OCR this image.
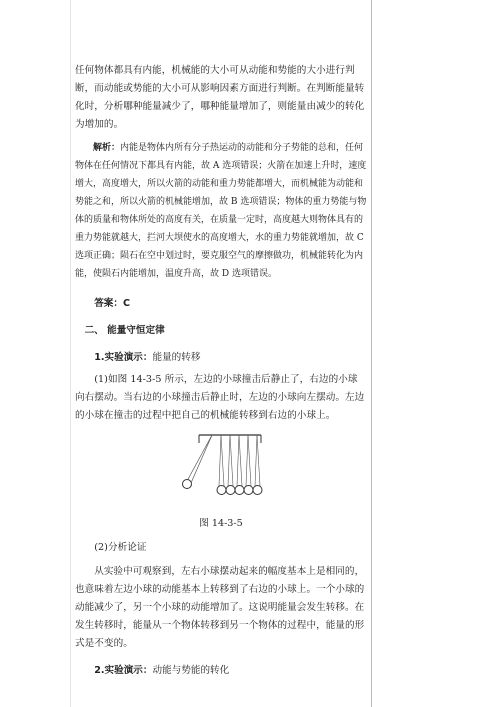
任何物体都具有内能，机械能的大小可从动能和势能的大小进行判断，而动能或势能的大小可从影响因素方面进行判断。在判断能量转化时，分析哪种能量减少了，哪种能量增加了，则能量由减少的转化为增加的。

解析：内能是物体内所有分子热运动的动能和分子势能的总和，任何物体在任何情况下都具有内能，故 A 选项错误；火箭在加速上升时，速度增大，高度增大，所以火箭的动能和重力势能都增大，而机械能为动能和势能之和，所以火箭的机械能增加，故 B 选项错误；物体的重力势能与物体的质量和物体所处的高度有关，在质量一定时，高度越大则物体具有的重力势能就越大，拦河大坝使水的高度增大，水的重力势能就增加，故 C 选项正确；陨石在空中划过时，要克服空气的摩擦做功，机械能转化为内能，使陨石内能增加，温度升高，故 D 选项错误。

答案：C

二、 能量守恒定律

1.实验演示：能量的转移

(1)如图 14-3-5 所示，左边的小球撞击后静止了，右边的小球向右摆动。当右边的小球撞击后静止时，左边的小球向左摆动。左边的小球在撞击的过程中把自己的机械能转移到右边的小球上。

图 14-3-5

(2)分析论证

从实验中可观察到，左右小球摆动起来的幅度基本上是相同的，也意味着左边小球的动能基本上转移到了右边的小球上。一个小球的动能减少了，另一个小球的动能增加了。这说明能量会发生转移。在发生转移时，能量从一个物体转移到另一个物体的过程中，能量的形式是不变的。

2.实验演示：动能与势能的转化
